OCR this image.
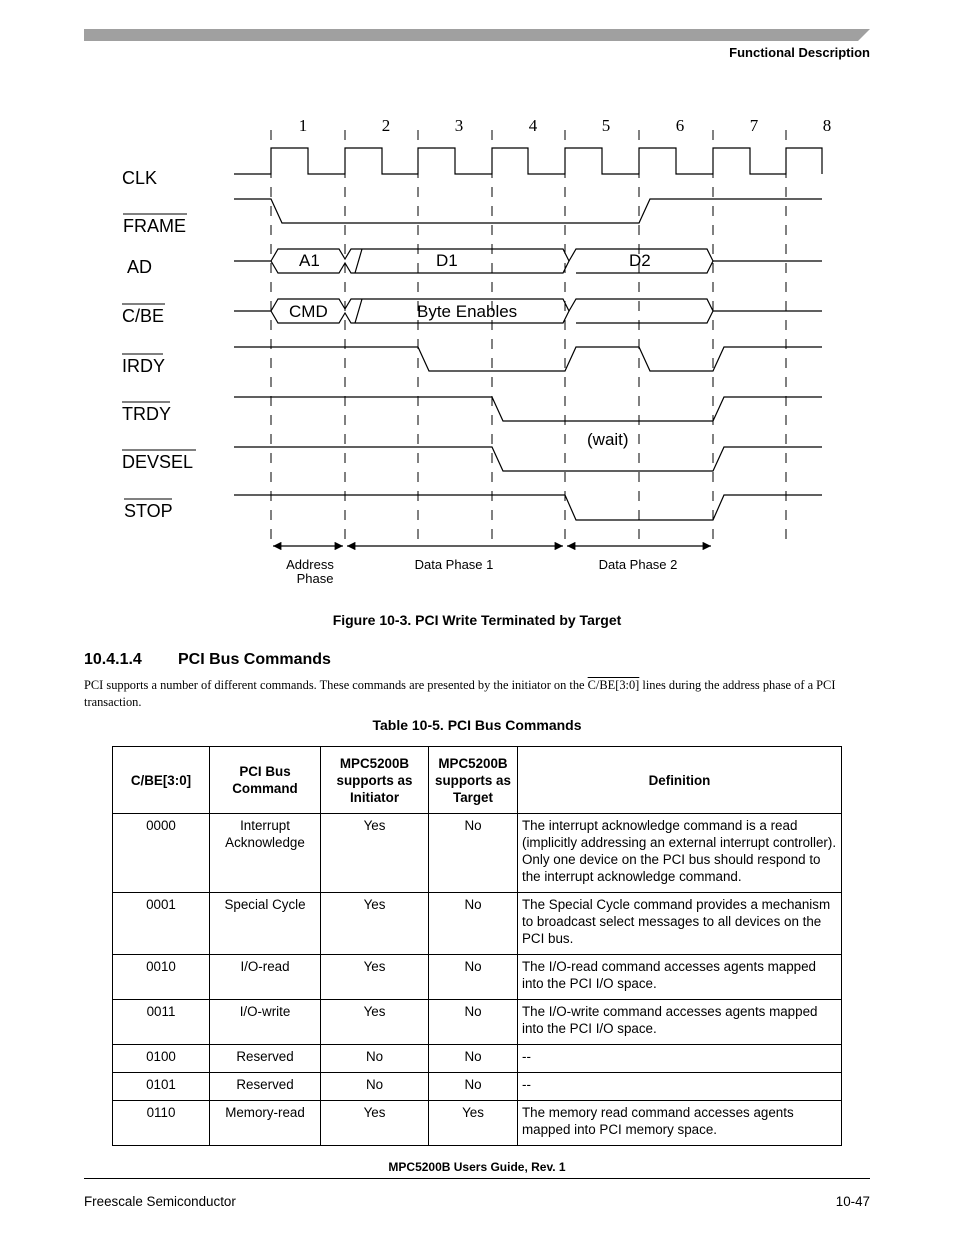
Functional Description
1	2	3	4	5	6	7	8
CLK
FRAME
AD
C/BE
IRDY
TRDY
DEVSEL
STOP
A1	D1	D2
CMD	Byte Enables
(wait)
Address
Phase
Data Phase 1	Data Phase 2
Figure 10-3. PCI Write Terminated by Target
10.4.1.4 PCI Bus Commands
PCI supports a number of different commands. These commands are presented by the initiator on the C/BE[3:0] lines during the address phase of a PCI transaction.
Table 10-5. PCI Bus Commands
C/BE[3:0]	PCI Bus Command	MPC5200B supports as Initiator	MPC5200B supports as Target	Definition
0000	Interrupt Acknowledge	Yes	No	The interrupt acknowledge command is a read (implicitly addressing an external interrupt controller). Only one device on the PCI bus should respond to the interrupt acknowledge command.
0001	Special Cycle	Yes	No	The Special Cycle command provides a mechanism to broadcast select messages to all devices on the PCI bus.
0010	I/O-read	Yes	No	The I/O-read command accesses agents mapped into the PCI I/O space.
0011	I/O-write	Yes	No	The I/O-write command accesses agents mapped into the PCI I/O space.
0100	Reserved	No	No	--
0101	Reserved	No	No	--
0110	Memory-read	Yes	Yes	The memory read command accesses agents mapped into PCI memory space.
MPC5200B Users Guide, Rev. 1
Freescale Semiconductor	10-47
